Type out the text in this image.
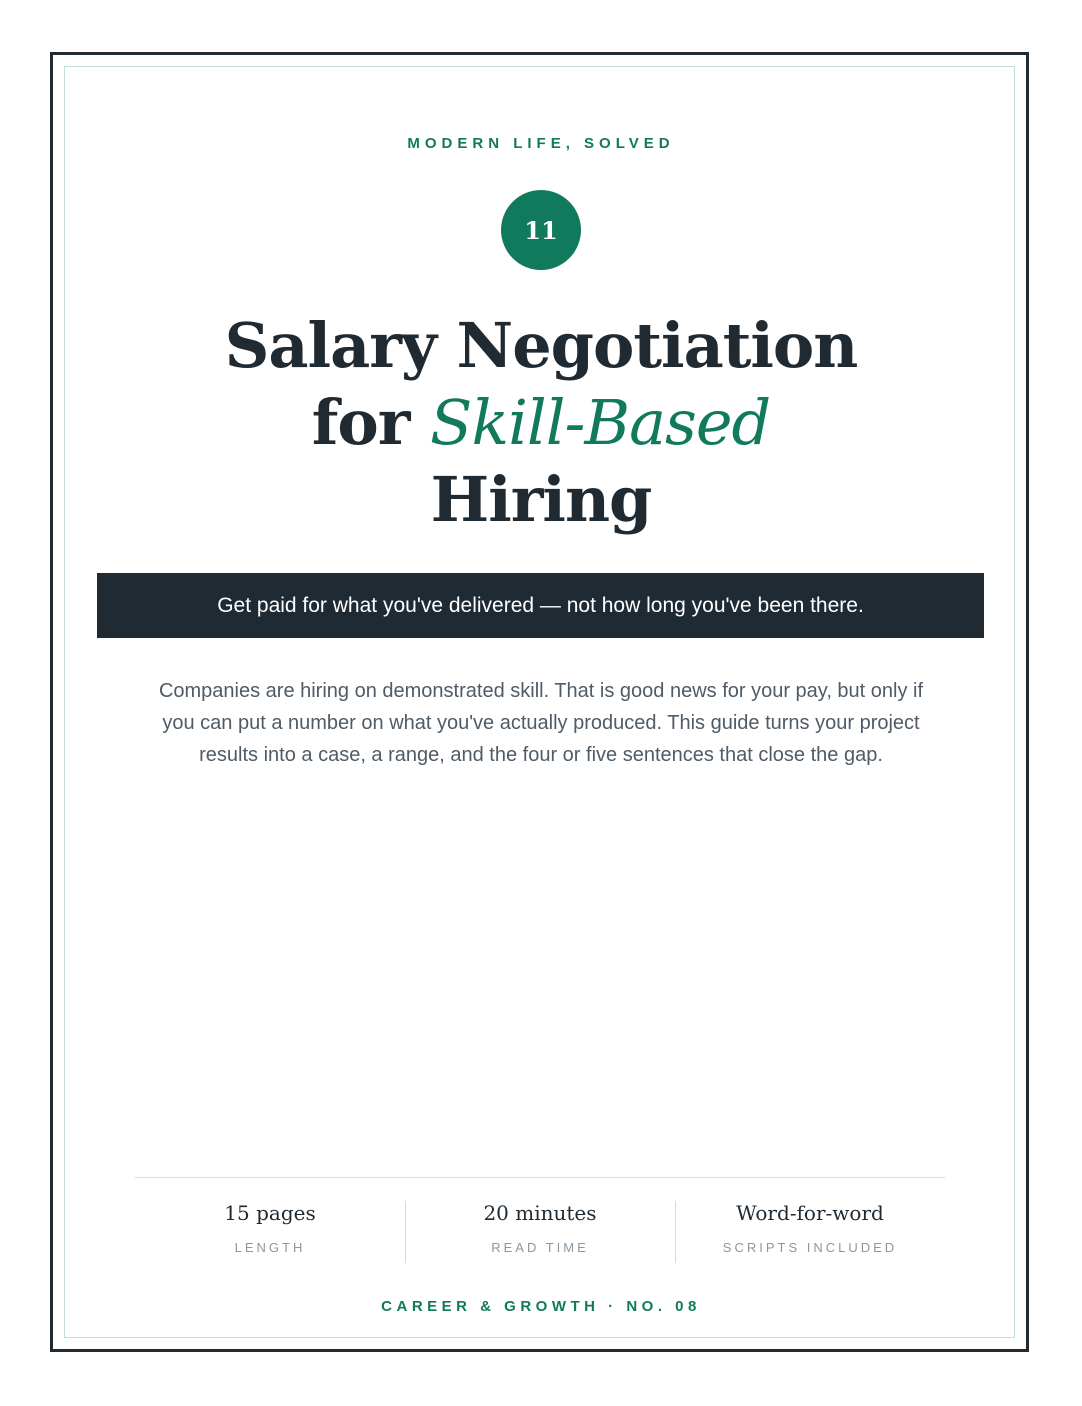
MODERN LIFE, SOLVED
11
Salary Negotiation
for Skill-Based
Hiring
Get paid for what you've delivered — not how long you've been there.

Companies are hiring on demonstrated skill. That is good news for your pay, but only if you can put a number on what you've actually produced. This guide turns your project results into a case, a range, and the four or five sentences that close the gap.

15 pages
LENGTH
20 minutes
READ TIME
Word-for-word
SCRIPTS INCLUDED
CAREER & GROWTH · NO. 08
